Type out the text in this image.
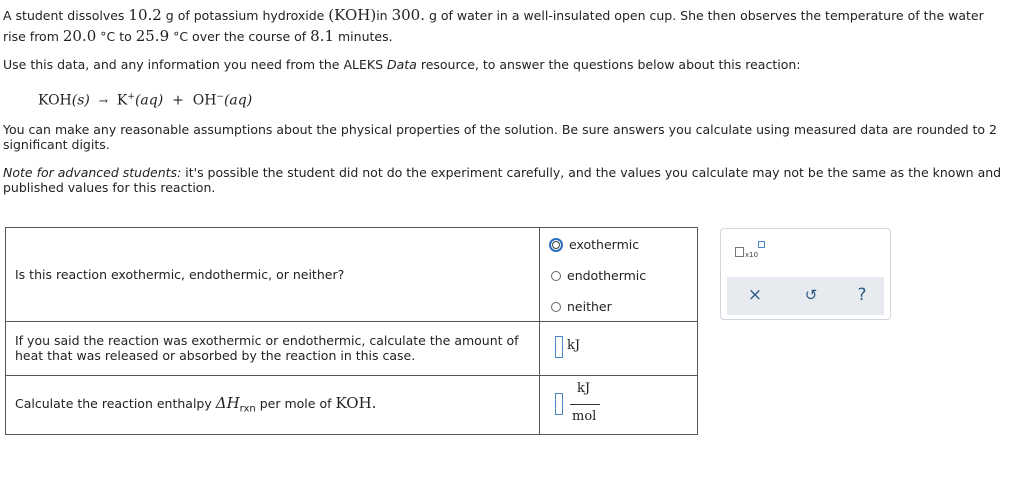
A student dissolves 10.2 g of potassium hydroxide (KOH)in 300. g of water in a well-insulated open cup. She then observes the temperature of the water rise from 20.0 °C to 25.9 °C over the course of 8.1 minutes.
Use this data, and any information you need from the ALEKS Data resource, to answer the questions below about this reaction:
KOH(s) → K+(aq) + OH−(aq)
You can make any reasonable assumptions about the physical properties of the solution. Be sure answers you calculate using measured data are rounded to 2 significant digits.
Note for advanced students: it's possible the student did not do the experiment carefully, and the values you calculate may not be the same as the known and published values for this reaction.
Is this reaction exothermic, endothermic, or neither?
exothermic
endothermic
neither
If you said the reaction was exothermic or endothermic, calculate the amount of heat that was released or absorbed by the reaction in this case.
kJ
Calculate the reaction enthalpy $\Delta H_{rxn}$ per mole of KOH.
kJ
mol
x10
×	↺	?
